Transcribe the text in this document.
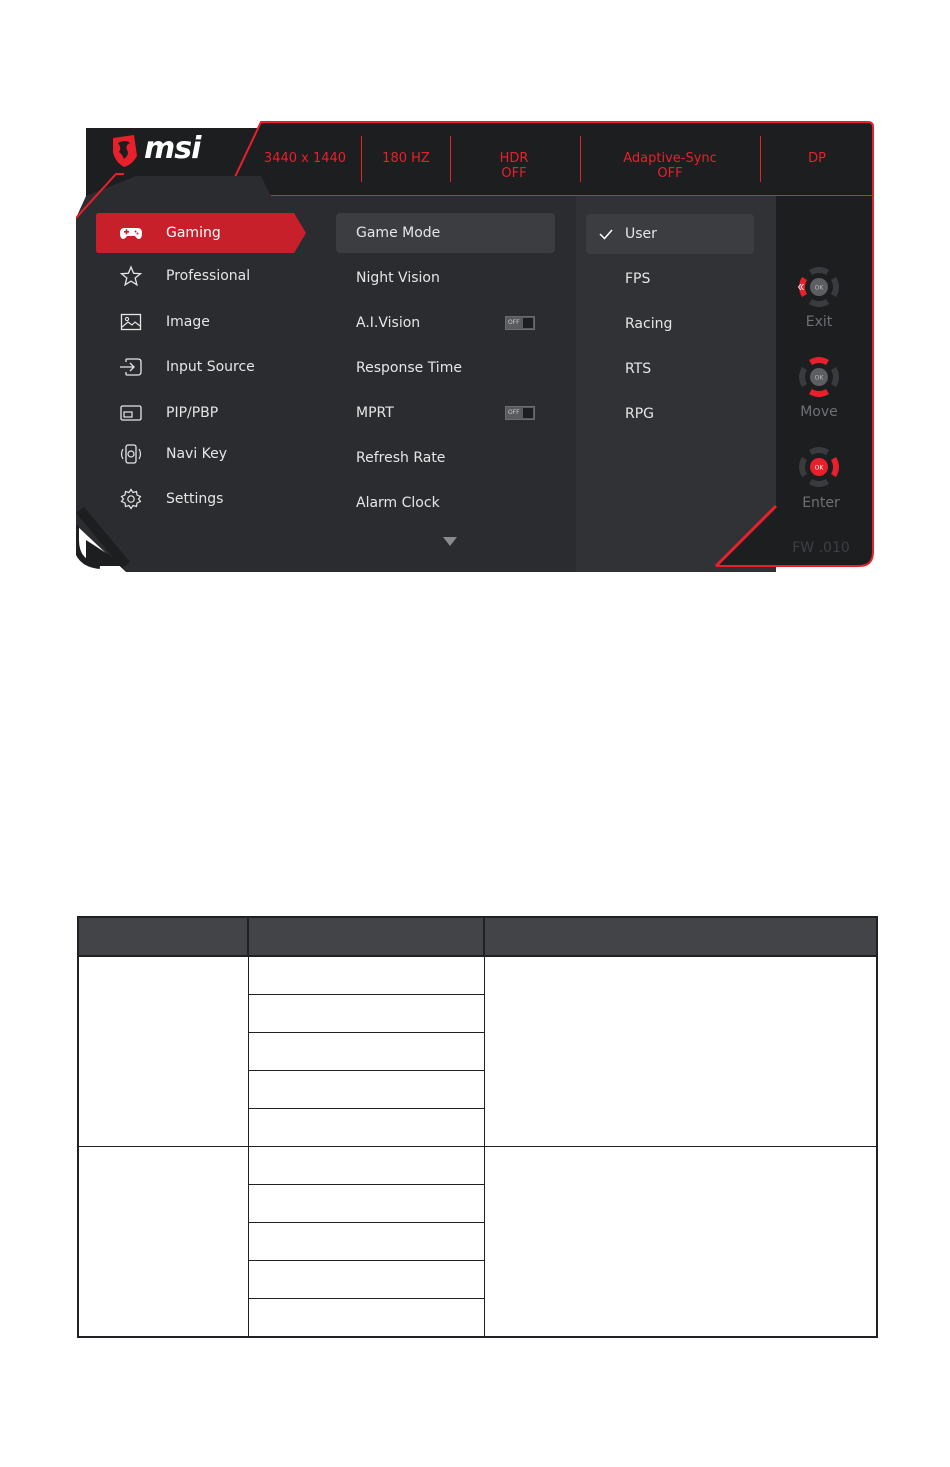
msi	3440 x 1440	180 HZ	HDR
OFF
Adaptive-Sync
OFF
DP
Gaming
Professional
Image
Input Source
PIP/PBP
Navi Key
Settings
Game Mode
Night Vision
A.I.Vision	OFF
Response Time
MPRT	OFF
Refresh Rate
Alarm Clock
User
FPS
Racing
RTS
RPG
OK
Exit
OK
Move
OK
Enter
FW .010
